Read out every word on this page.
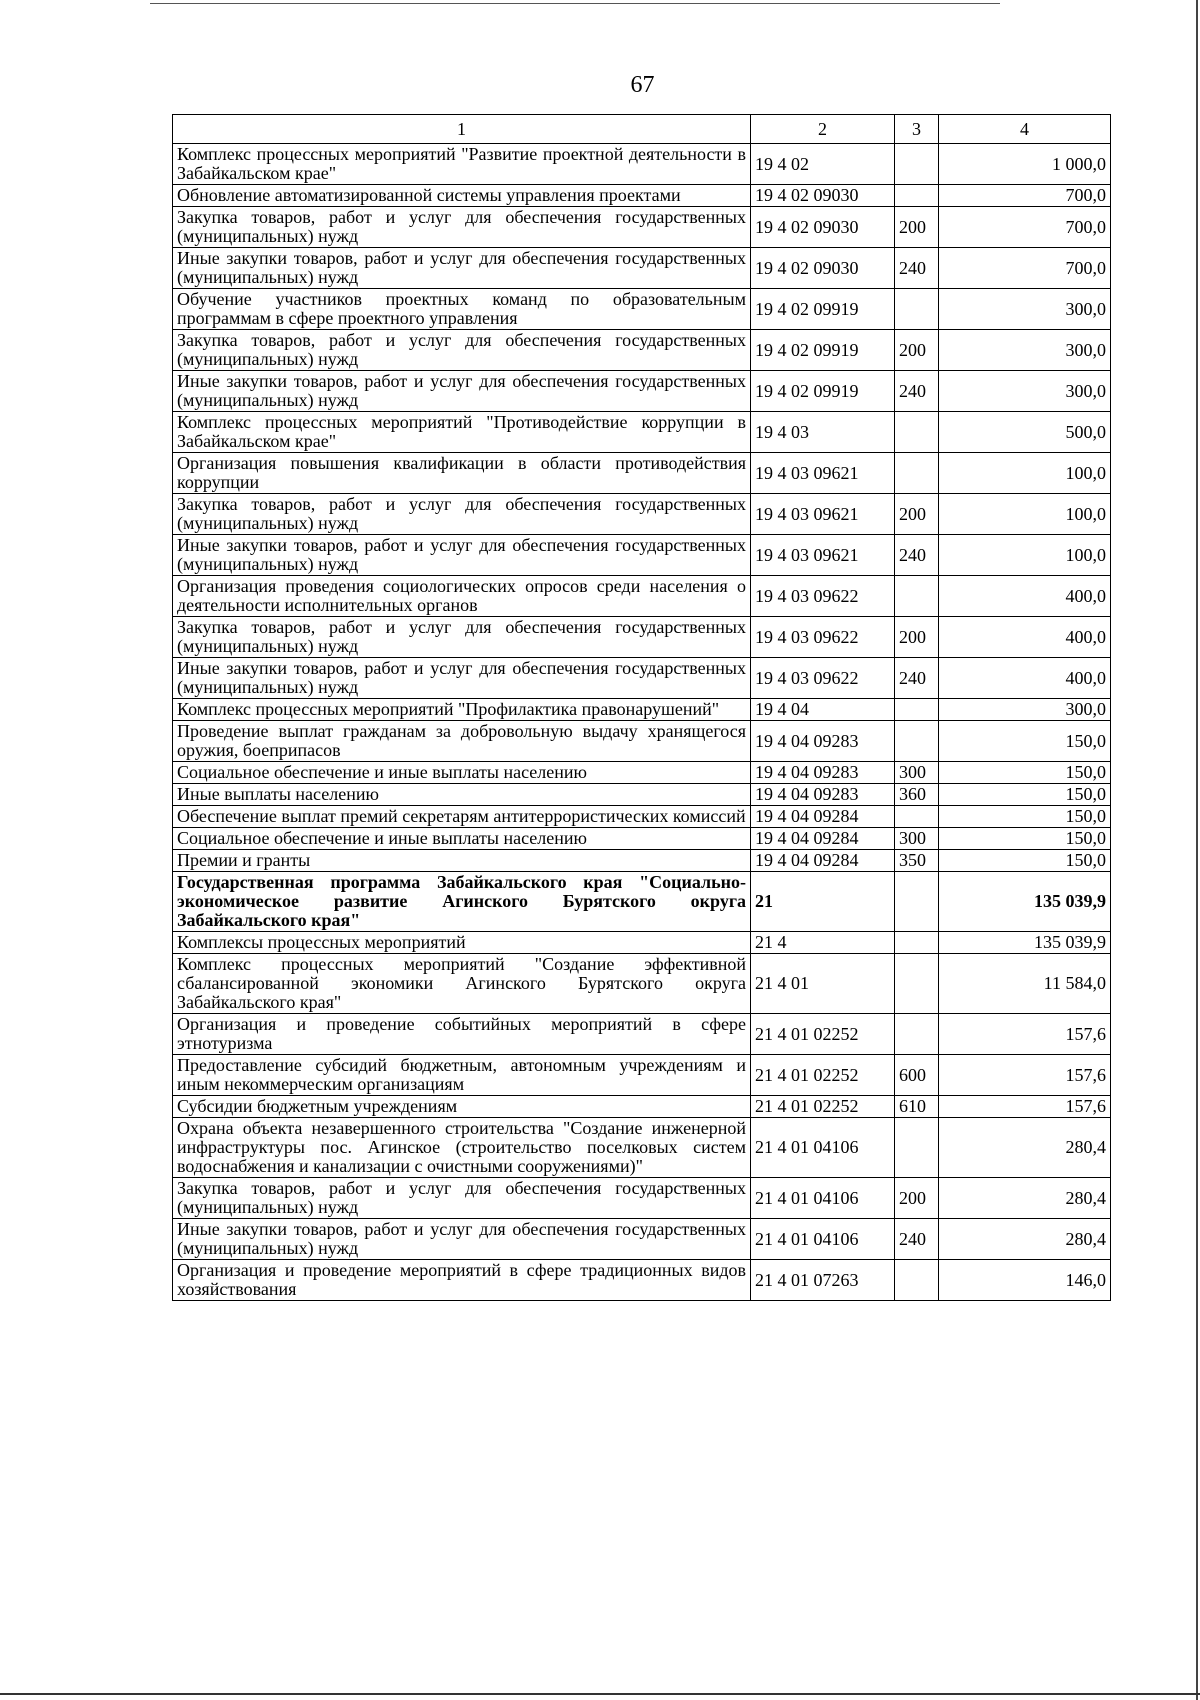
67
1	2	3	4
Комплекс процессных мероприятий "Развитие проектной деятельности в Забайкальском крае"	19 4 02		1 000,0
Обновление автоматизированной системы управления проектами	19 4 02 09030		700,0
Закупка товаров, работ и услуг для обеспечения государственных (муниципальных) нужд	19 4 02 09030	200	700,0
Иные закупки товаров, работ и услуг для обеспечения государственных (муниципальных) нужд	19 4 02 09030	240	700,0
Обучение участников проектных команд по образовательным программам в сфере проектного управления	19 4 02 09919		300,0
Закупка товаров, работ и услуг для обеспечения государственных (муниципальных) нужд	19 4 02 09919	200	300,0
Иные закупки товаров, работ и услуг для обеспечения государственных (муниципальных) нужд	19 4 02 09919	240	300,0
Комплекс процессных мероприятий "Противодействие коррупции в Забайкальском крае"	19 4 03		500,0
Организация повышения квалификации в области противодействия коррупции	19 4 03 09621		100,0
Закупка товаров, работ и услуг для обеспечения государственных (муниципальных) нужд	19 4 03 09621	200	100,0
Иные закупки товаров, работ и услуг для обеспечения государственных (муниципальных) нужд	19 4 03 09621	240	100,0
Организация проведения социологических опросов среди населения о деятельности исполнительных органов	19 4 03 09622		400,0
Закупка товаров, работ и услуг для обеспечения государственных (муниципальных) нужд	19 4 03 09622	200	400,0
Иные закупки товаров, работ и услуг для обеспечения государственных (муниципальных) нужд	19 4 03 09622	240	400,0
Комплекс процессных мероприятий "Профилактика правонарушений"	19 4 04		300,0
Проведение выплат гражданам за добровольную выдачу хранящегося оружия, боеприпасов	19 4 04 09283		150,0
Социальное обеспечение и иные выплаты населению	19 4 04 09283	300	150,0
Иные выплаты населению	19 4 04 09283	360	150,0
Обеспечение выплат премий секретарям антитеррористических комиссий	19 4 04 09284		150,0
Социальное обеспечение и иные выплаты населению	19 4 04 09284	300	150,0
Премии и гранты	19 4 04 09284	350	150,0
Государственная программа Забайкальского края "Социально-экономическое развитие Агинского Бурятского округа Забайкальского края"	21		135 039,9
Комплексы процессных мероприятий	21 4		135 039,9
Комплекс процессных мероприятий "Создание эффективной сбалансированной экономики Агинского Бурятского округа Забайкальского края"	21 4 01		11 584,0
Организация и проведение событийных мероприятий в сфере этнотуризма	21 4 01 02252		157,6
Предоставление субсидий бюджетным, автономным учреждениям и иным некоммерческим организациям	21 4 01 02252	600	157,6
Субсидии бюджетным учреждениям	21 4 01 02252	610	157,6
Охрана объекта незавершенного строительства "Создание инженерной инфраструктуры пос. Агинское (строительство поселковых систем водоснабжения и канализации с очистными сооружениями)"	21 4 01 04106		280,4
Закупка товаров, работ и услуг для обеспечения государственных (муниципальных) нужд	21 4 01 04106	200	280,4
Иные закупки товаров, работ и услуг для обеспечения государственных (муниципальных) нужд	21 4 01 04106	240	280,4
Организация и проведение мероприятий в сфере традиционных видов хозяйствования	21 4 01 07263		146,0
